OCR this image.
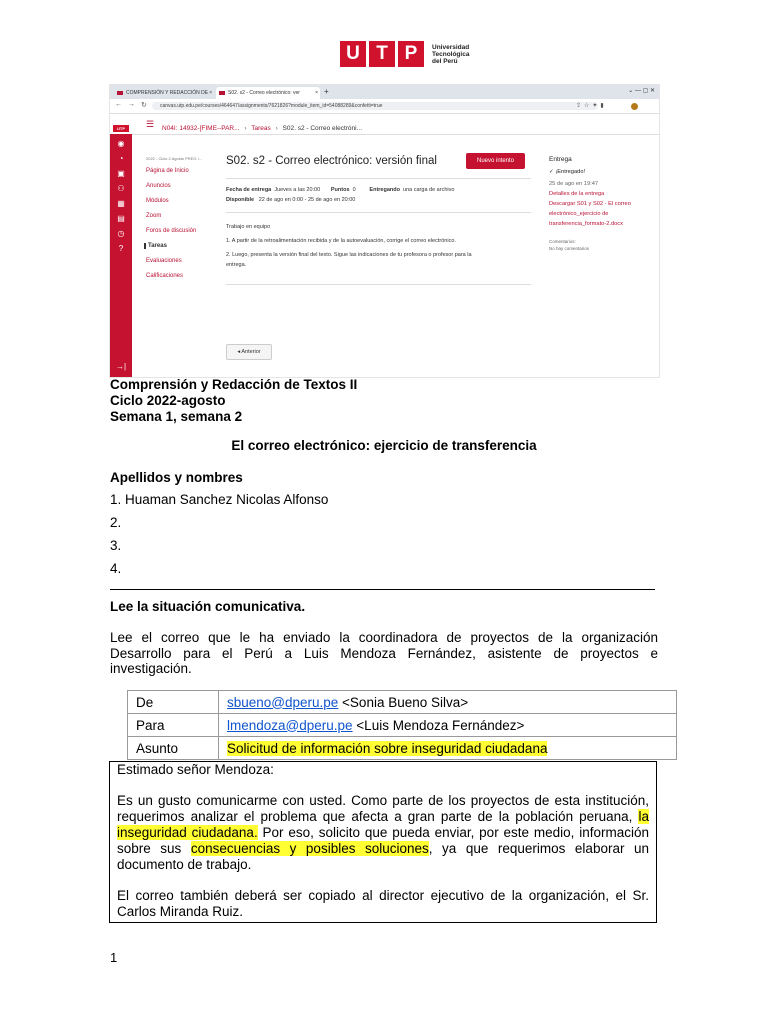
U T P	Universidad
Tecnológica
del Perú
COMPRENSIÓN Y REDACCIÓN DE ×	S02. s2 - Correo electrónico: ver	× +	⌄ — ▢ ✕
← → ↻	canvas.utp.edu.pe/courses/464647/assignments/7621826?module_item_id=54088289&confetti=true	⇪☆✦▮
UTP	☰ N04I: 14932-[FIME--PAR... › Tareas › S02. s2 - Correo electróni...
◉
◔
▣
⚇
▦
▤
◷
?
→|
2022 - Ciclo 2 Agosto PREG I...
Página de Inicio
Anuncios
Módulos
Zoom
Foros de discusión
Tareas
Evaluaciones
Calificaciones
S02. s2 - Correo electrónico: versión final	Nuevo intento
Fecha de entrega Jueves a las 20:00 Puntos 0	Entregando una carga de archivo
Disponible 22 de ago en 0:00 - 25 de ago en 20:00
Trabajo en equipo
1. A partir de la retroalimentación recibida y de la autoevaluación, corrige el correo electrónico.
2. Luego, presenta la versión final del texto. Sigue las indicaciones de tu profesora o profesor para la
entrega.
◂ Anterior
Entrega
✓ ¡Entregado!
25 de ago en 19:47
Detalles de la entrega
Descargar S01 y S02 - El correo
electrónico_ejercicio de
transferencia_formato-2.docx
Comentarios:
No hay comentarios
Comprensión y Redacción de Textos II
Ciclo 2022-agosto
Semana 1, semana 2
El correo electrónico: ejercicio de transferencia
Apellidos y nombres
1. Huaman Sanchez Nicolas Alfonso
2.
3.
4.
Lee la situación comunicativa.
Lee el correo que le ha enviado la coordinadora de proyectos de la organización
Desarrollo para el Perú a Luis Mendoza Fernández, asistente de proyectos e
investigación.
De	sbueno@dperu.pe <Sonia Bueno Silva>
Para	lmendoza@dperu.pe <Luis Mendoza Fernández>
Asunto	Solicitud de información sobre inseguridad ciudadana

Estimado señor Mendoza:

Es un gusto comunicarme con usted. Como parte de los proyectos de esta institución, requerimos analizar el problema que afecta a gran parte de la población peruana, la inseguridad ciudadana. Por eso, solicito que pueda enviar, por este medio, información sobre sus consecuencias y posibles soluciones, ya que requerimos elaborar un documento de trabajo.

El correo también deberá ser copiado al director ejecutivo de la organización, el Sr. Carlos Miranda Ruiz.

1
